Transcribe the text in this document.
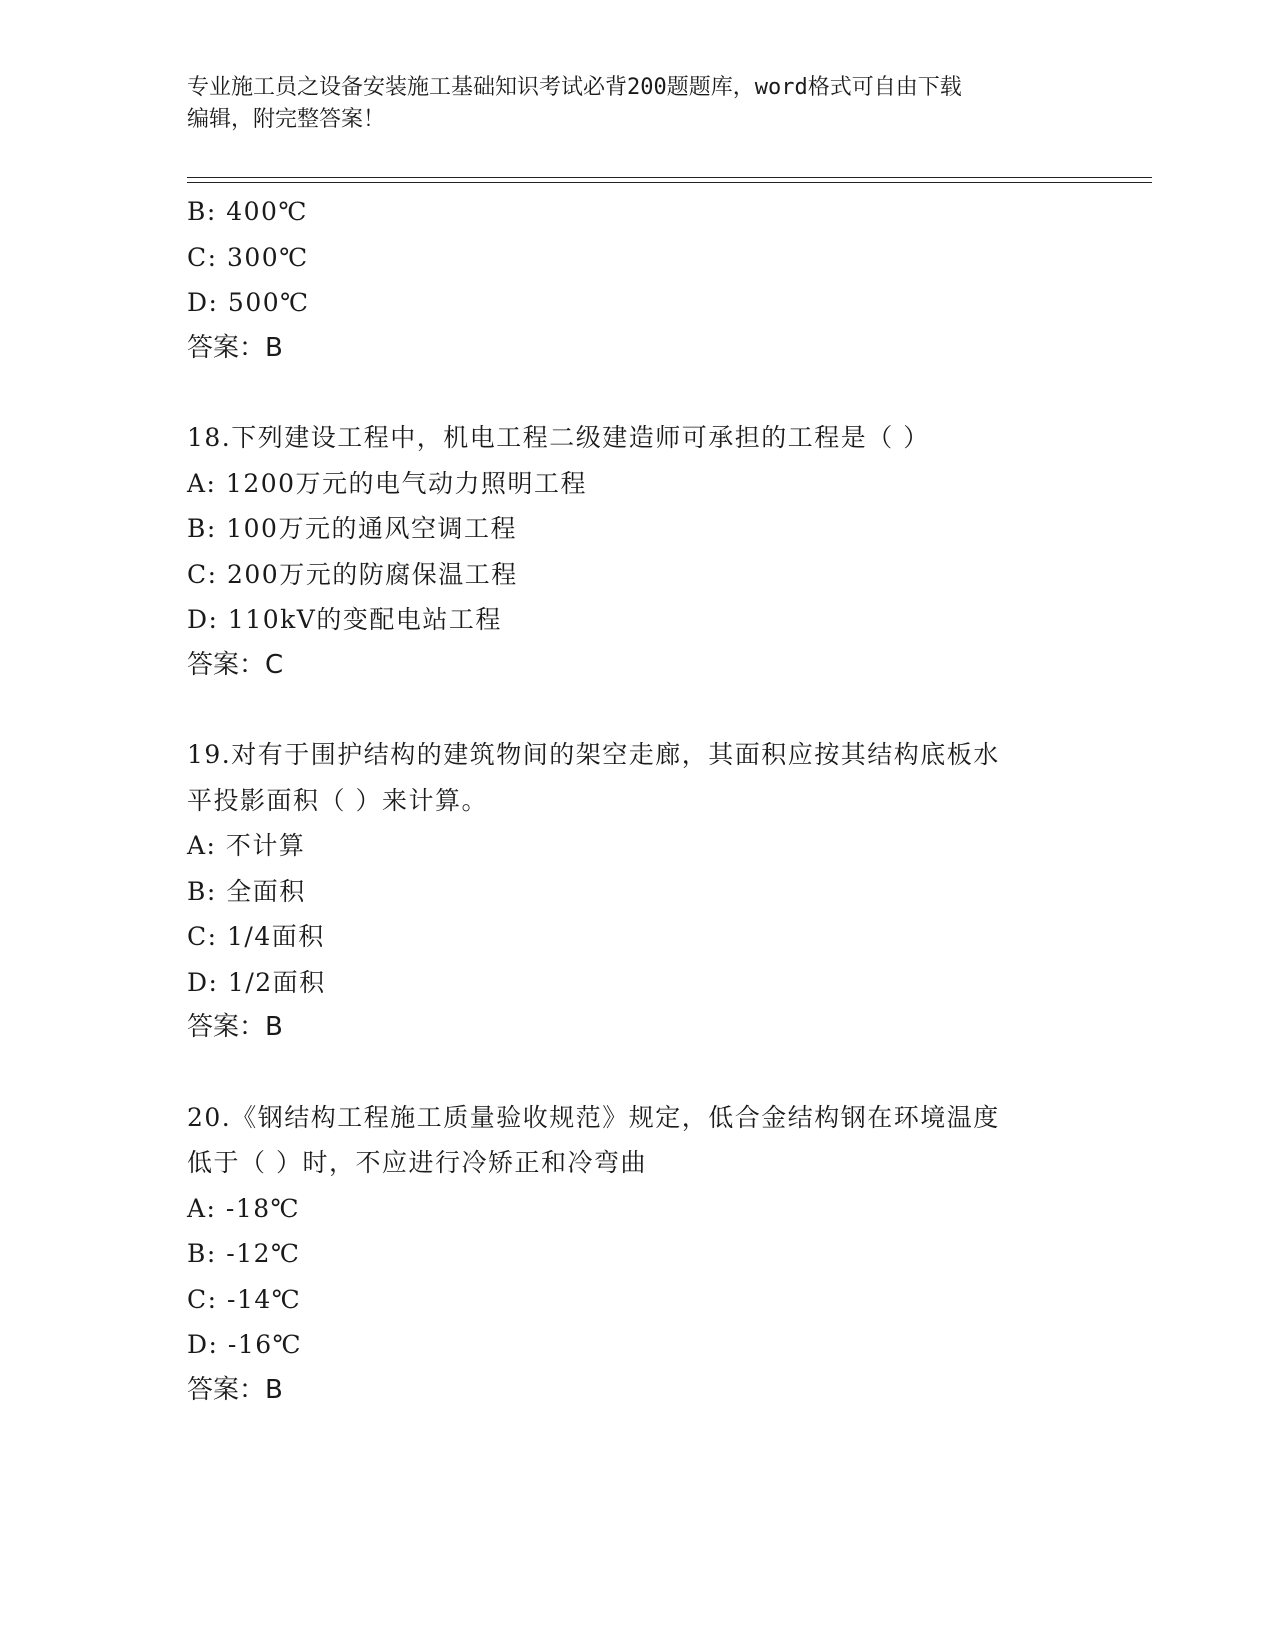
专业施工员之设备安装施工基础知识考试必背200题题库，word格式可自由下载
编辑，附完整答案！
B: 400℃
C: 300℃
D: 500℃
答案：B
18.下列建设工程中，机电工程二级建造师可承担的工程是（ ）
A: 1200万元的电气动力照明工程
B: 100万元的通风空调工程
C: 200万元的防腐保温工程
D: 110kV的变配电站工程
答案：C
19.对有于围护结构的建筑物间的架空走廊，其面积应按其结构底板水
平投影面积（ ）来计算。
A: 不计算
B: 全面积
C: 1/4面积
D: 1/2面积
答案：B
20.《钢结构工程施工质量验收规范》规定，低合金结构钢在环境温度
低于（ ）时，不应进行冷矫正和冷弯曲
A: -18℃
B: -12℃
C: -14℃
D: -16℃
答案：B
